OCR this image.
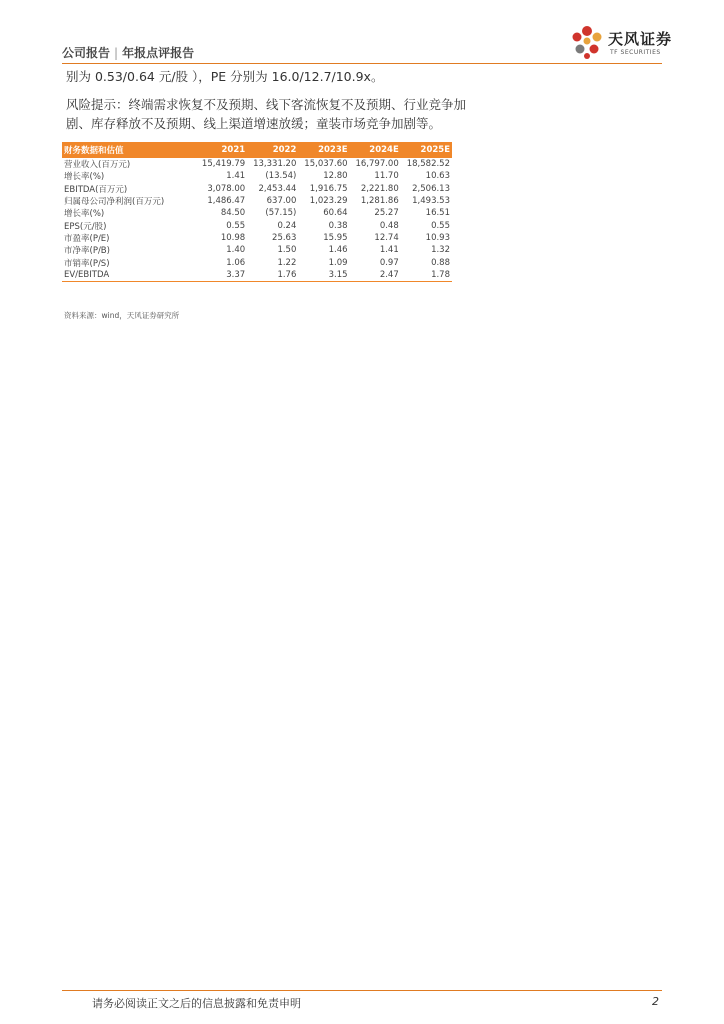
公司报告 | 年报点评报告
天风证券
TF SECURITIES
别为 0.53/0.64 元/股 ），PE 分别为 16.0/12.7/10.9x。
风险提示：终端需求恢复不及预期、线下客流恢复不及预期、行业竞争加
剧、库存释放不及预期、线上渠道增速放缓；童装市场竞争加剧等。
财务数据和估值	2021	2022	2023E	2024E	2025E
营业收入(百万元)	15,419.79	13,331.20	15,037.60	16,797.00	18,582.52
增长率(%)	1.41	(13.54)	12.80	11.70	10.63
EBITDA(百万元)	3,078.00	2,453.44	1,916.75	2,221.80	2,506.13
归属母公司净利润(百万元)	1,486.47	637.00	1,023.29	1,281.86	1,493.53
增长率(%)	84.50	(57.15)	60.64	25.27	16.51
EPS(元/股)	0.55	0.24	0.38	0.48	0.55
市盈率(P/E)	10.98	25.63	15.95	12.74	10.93
市净率(P/B)	1.40	1.50	1.46	1.41	1.32
市销率(P/S)	1.06	1.22	1.09	0.97	0.88
EV/EBITDA	3.37	1.76	3.15	2.47	1.78
资料来源：wind，天风证券研究所
请务必阅读正文之后的信息披露和免责申明	2
